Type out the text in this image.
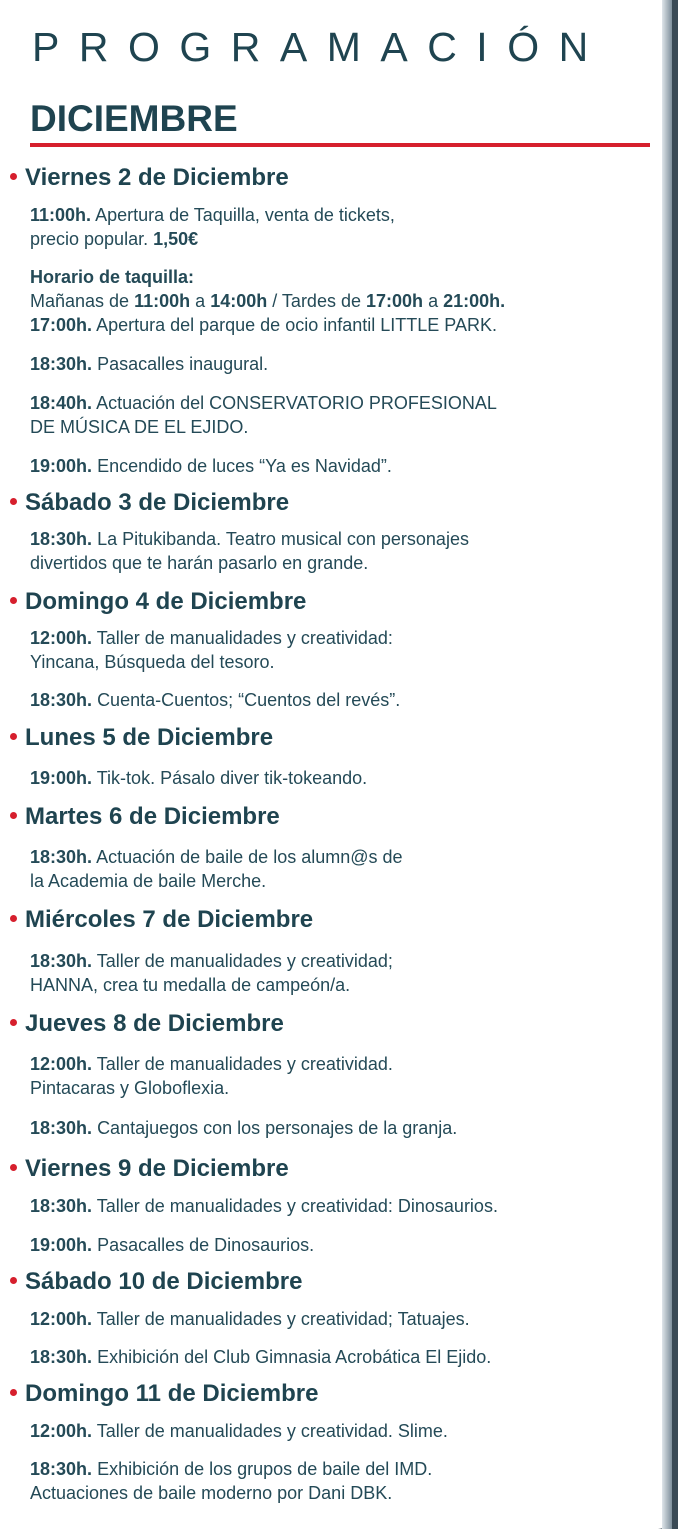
PROGRAMACIÓN
DICIEMBRE
Viernes 2 de Diciembre
11:00h. Apertura de Taquilla, venta de tickets,
precio popular. 1,50€
Horario de taquilla:
Mañanas de 11:00h a 14:00h / Tardes de 17:00h a 21:00h.
17:00h. Apertura del parque de ocio infantil LITTLE PARK.
18:30h. Pasacalles inaugural.
18:40h. Actuación del CONSERVATORIO PROFESIONAL
DE MÚSICA DE EL EJIDO.
19:00h. Encendido de luces “Ya es Navidad”.
Sábado 3 de Diciembre
18:30h. La Pitukibanda. Teatro musical con personajes
divertidos que te harán pasarlo en grande.
Domingo 4 de Diciembre
12:00h. Taller de manualidades y creatividad:
Yincana, Búsqueda del tesoro.
18:30h. Cuenta-Cuentos; “Cuentos del revés”.
Lunes 5 de Diciembre
19:00h. Tik-tok. Pásalo diver tik-tokeando.
Martes 6 de Diciembre
18:30h. Actuación de baile de los alumn@s de
la Academia de baile Merche.
Miércoles 7 de Diciembre
18:30h. Taller de manualidades y creatividad;
HANNA, crea tu medalla de campeón/a.
Jueves 8 de Diciembre
12:00h. Taller de manualidades y creatividad.
Pintacaras y Globoflexia.
18:30h. Cantajuegos con los personajes de la granja.
Viernes 9 de Diciembre
18:30h. Taller de manualidades y creatividad: Dinosaurios.
19:00h. Pasacalles de Dinosaurios.
Sábado 10 de Diciembre
12:00h. Taller de manualidades y creatividad; Tatuajes.
18:30h. Exhibición del Club Gimnasia Acrobática El Ejido.
Domingo 11 de Diciembre
12:00h. Taller de manualidades y creatividad. Slime.
18:30h. Exhibición de los grupos de baile del IMD.
Actuaciones de baile moderno por Dani DBK.
